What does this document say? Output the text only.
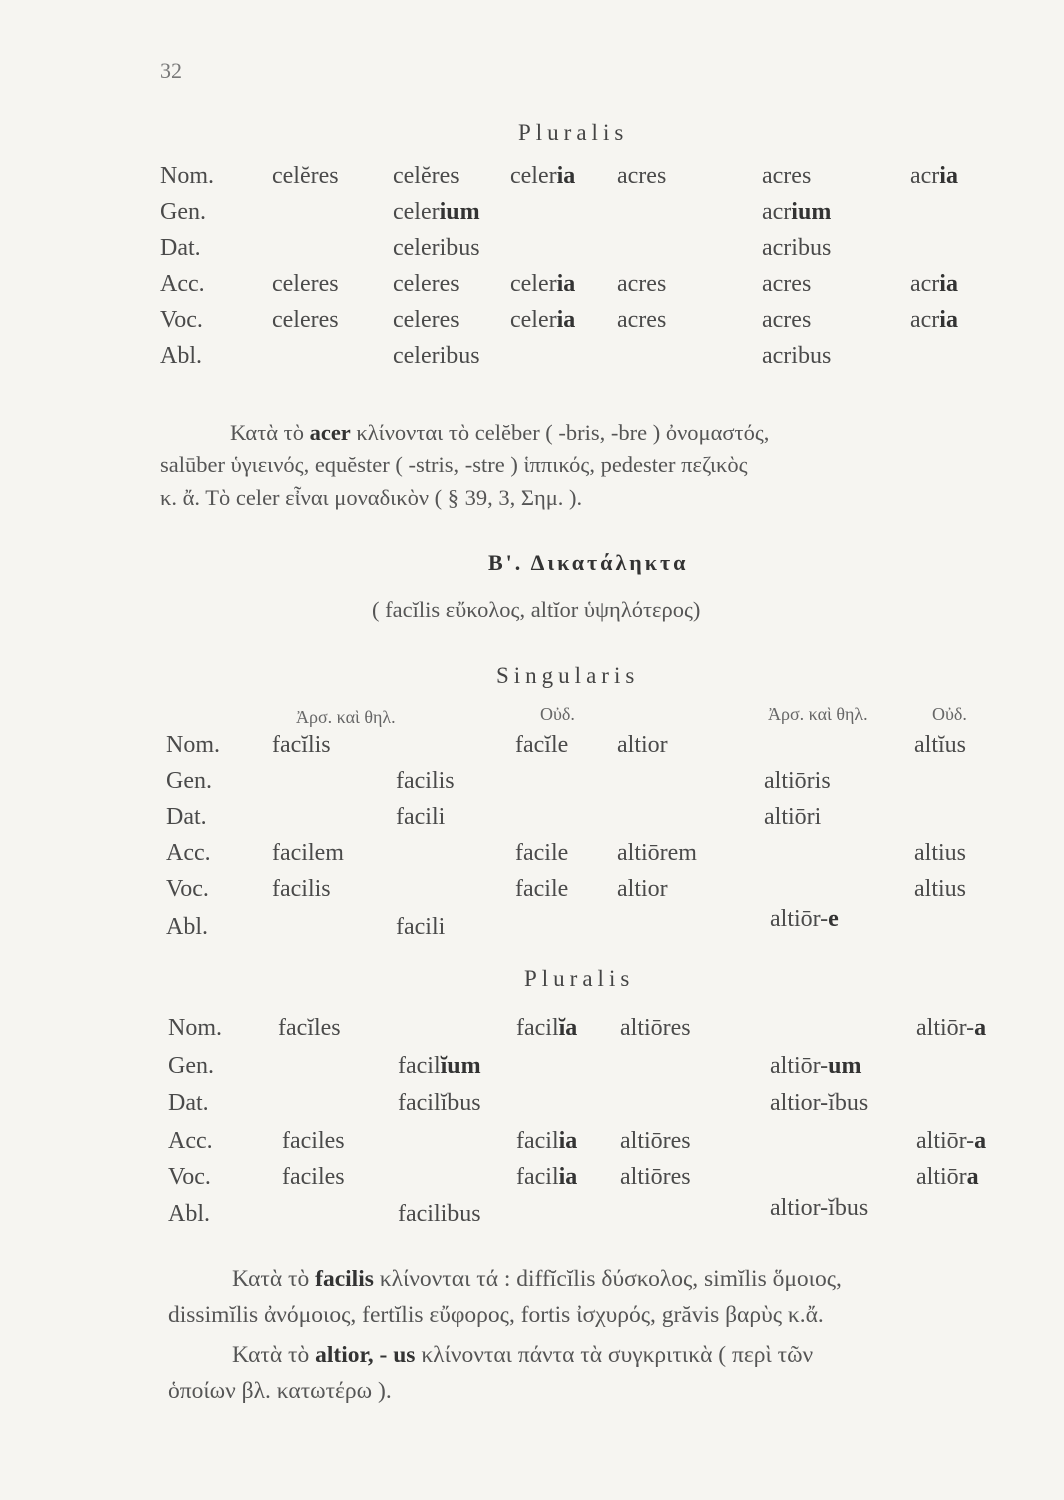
32
Pluralis
Nom. celĕres celĕres celeria acres	acres	acria
Gen.	celerium	acrium
Dat.	celeribus	acribus
Acc.	celeres celeres celeria acres	acres	acria
Voc.	celeres celeres celeria acres	acres	acria
Abl.	celeribus	acribus
Κατὰ τὸ acer κλίνονται τὸ celĕber ( -bris, -bre ) ὀνομαστός,
salūber ὑγιεινός, equĕster ( -stris, -stre ) ἱππικός, pedester πεζικὸς
κ. ἄ. Τὸ celer εἶναι μοναδικὸν ( § 39, 3, Σημ. ).
Β'. Δικατάληκτα
( facĭlis εὔκολος, altĭor ὑψηλότερος)
Singularis
Ἀρσ. καὶ θηλ.	Οὐδ.	Ἀρσ. καὶ θηλ.	Οὐδ.
Nom. facĭlis	facĭle altior	altĭus
Gen.	facilis	altiōris
Dat.	facili	altiōri
Acc.	facilem	facile altiōrem	altius
Voc.	facilis	facile altior	altius
Abl.	facili	altiōr-e
Pluralis
Nom. facĭles	facilĭa altiōres	altiōr-a
Gen.	facilĭum	altiōr-um
Dat.	facilĭbus	altior-ĭbus
Acc.	faciles	facilia altiōres	altiōr-a
Voc.	faciles	facilia altiōres	altiōra
Abl.	facilibus	altior-ĭbus
Κατὰ τὸ facilis κλίνονται τά : diffĭcĭlis δύσκολος, simĭlis ὅμοιος,
dissimĭlis ἀνόμοιος, fertĭlis εὔφορος, fortis ἰσχυρός, grăvis βαρὺς κ.ἄ.
Κατὰ τὸ altior, - us κλίνονται πάντα τὰ συγκριτικὰ ( περὶ τῶν
ὁποίων βλ. κατωτέρω ).
